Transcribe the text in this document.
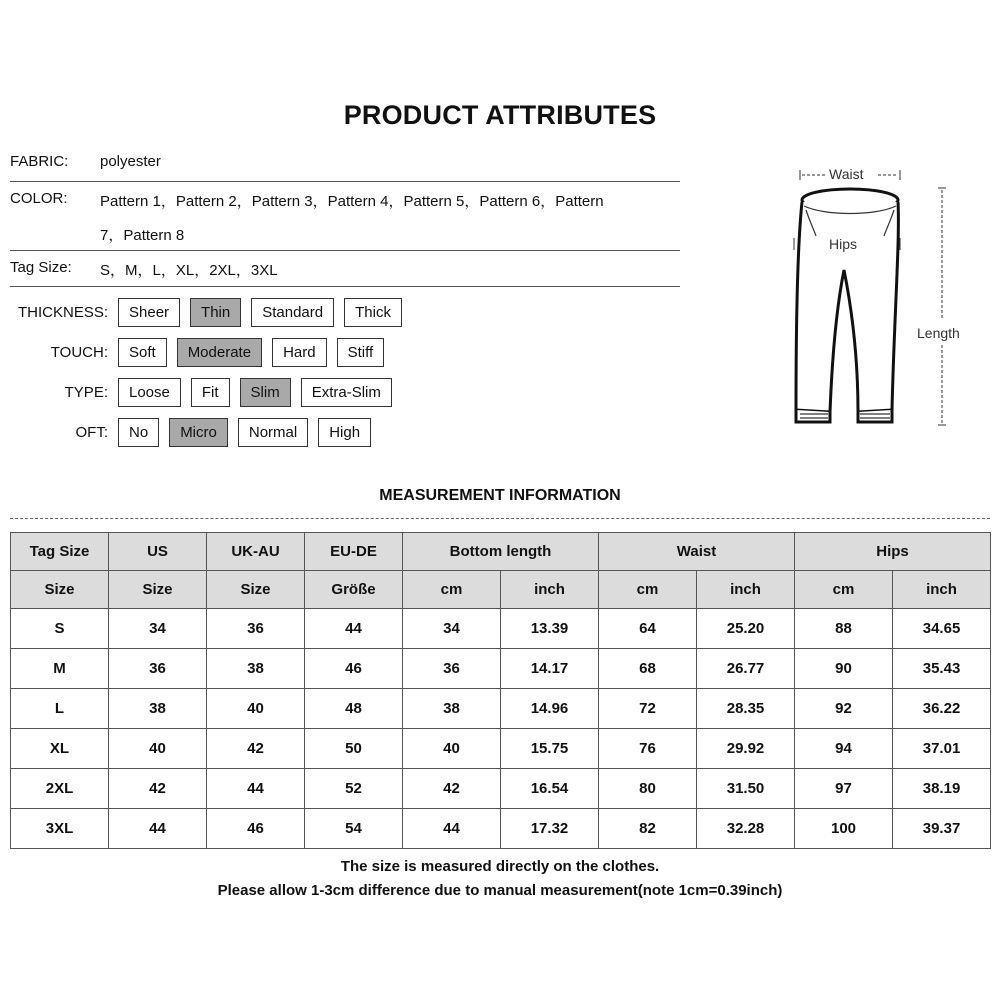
PRODUCT ATTRIBUTES
FABRIC: polyester
COLOR: Pattern 1，Pattern 2，Pattern 3，Pattern 4，Pattern 5，Pattern 6，Pattern
7，Pattern 8
Tag Size: S，M，L，XL，2XL，3XL
THICKNESS:	Sheer	Thin	Standard	Thick
TOUCH:	Soft	Moderate	Hard	Stiff
TYPE:	Loose	Fit	Slim	Extra-Slim
OFT:	No	Micro	Normal	High
Waist
Hips
Length
MEASUREMENT INFORMATION
Tag Size	US	UK-AU	EU-DE	Bottom length		Waist		Hips	
Size	Size	Size	Größe	cm	inch	cm	inch	cm	inch
S	34	36	44	34	13.39	64	25.20	88	34.65
M	36	38	46	36	14.17	68	26.77	90	35.43
L	38	40	48	38	14.96	72	28.35	92	36.22
XL	40	42	50	40	15.75	76	29.92	94	37.01
2XL	42	44	52	42	16.54	80	31.50	97	38.19
3XL	44	46	54	44	17.32	82	32.28	100	39.37
The size is measured directly on the clothes.
Please allow 1-3cm difference due to manual measurement(note 1cm=0.39inch)
